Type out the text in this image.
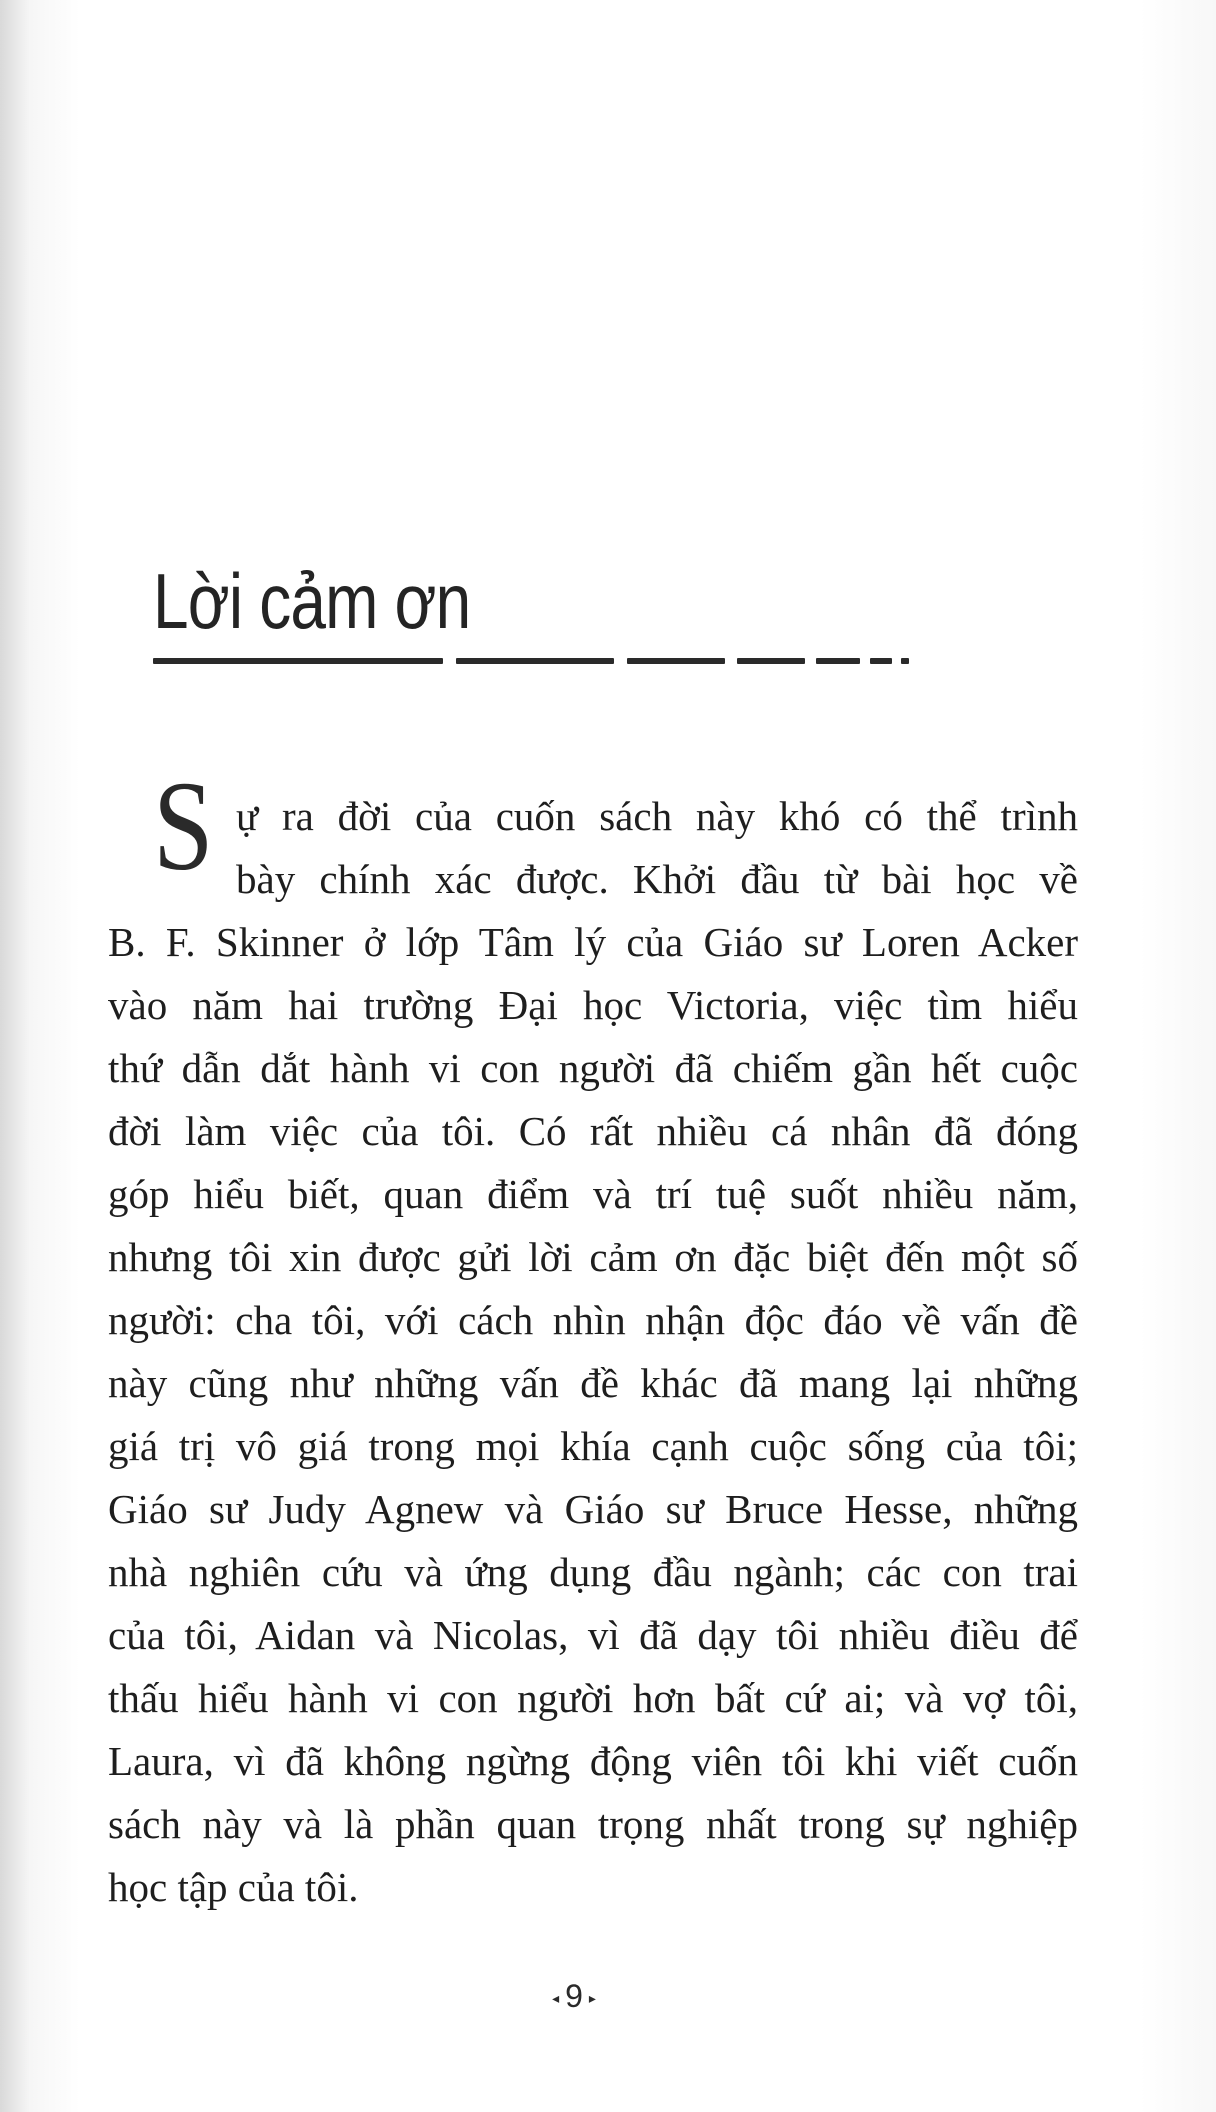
Lời cảm ơn
S ự ra đời của cuốn sách này khó có thể trình
bày chính xác được. Khởi đầu từ bài học về
B. F. Skinner ở lớp Tâm lý của Giáo sư Loren Acker
vào năm hai trường Đại học Victoria, việc tìm hiểu
thứ dẫn dắt hành vi con người đã chiếm gần hết cuộc
đời làm việc của tôi. Có rất nhiều cá nhân đã đóng
góp hiểu biết, quan điểm và trí tuệ suốt nhiều năm,
nhưng tôi xin được gửi lời cảm ơn đặc biệt đến một số
người: cha tôi, với cách nhìn nhận độc đáo về vấn đề
này cũng như những vấn đề khác đã mang lại những
giá trị vô giá trong mọi khía cạnh cuộc sống của tôi;
Giáo sư Judy Agnew và Giáo sư Bruce Hesse, những
nhà nghiên cứu và ứng dụng đầu ngành; các con trai
của tôi, Aidan và Nicolas, vì đã dạy tôi nhiều điều để
thấu hiểu hành vi con người hơn bất cứ ai; và vợ tôi,
Laura, vì đã không ngừng động viên tôi khi viết cuốn
sách này và là phần quan trọng nhất trong sự nghiệp
học tập của tôi.
◂ 9 ▸
